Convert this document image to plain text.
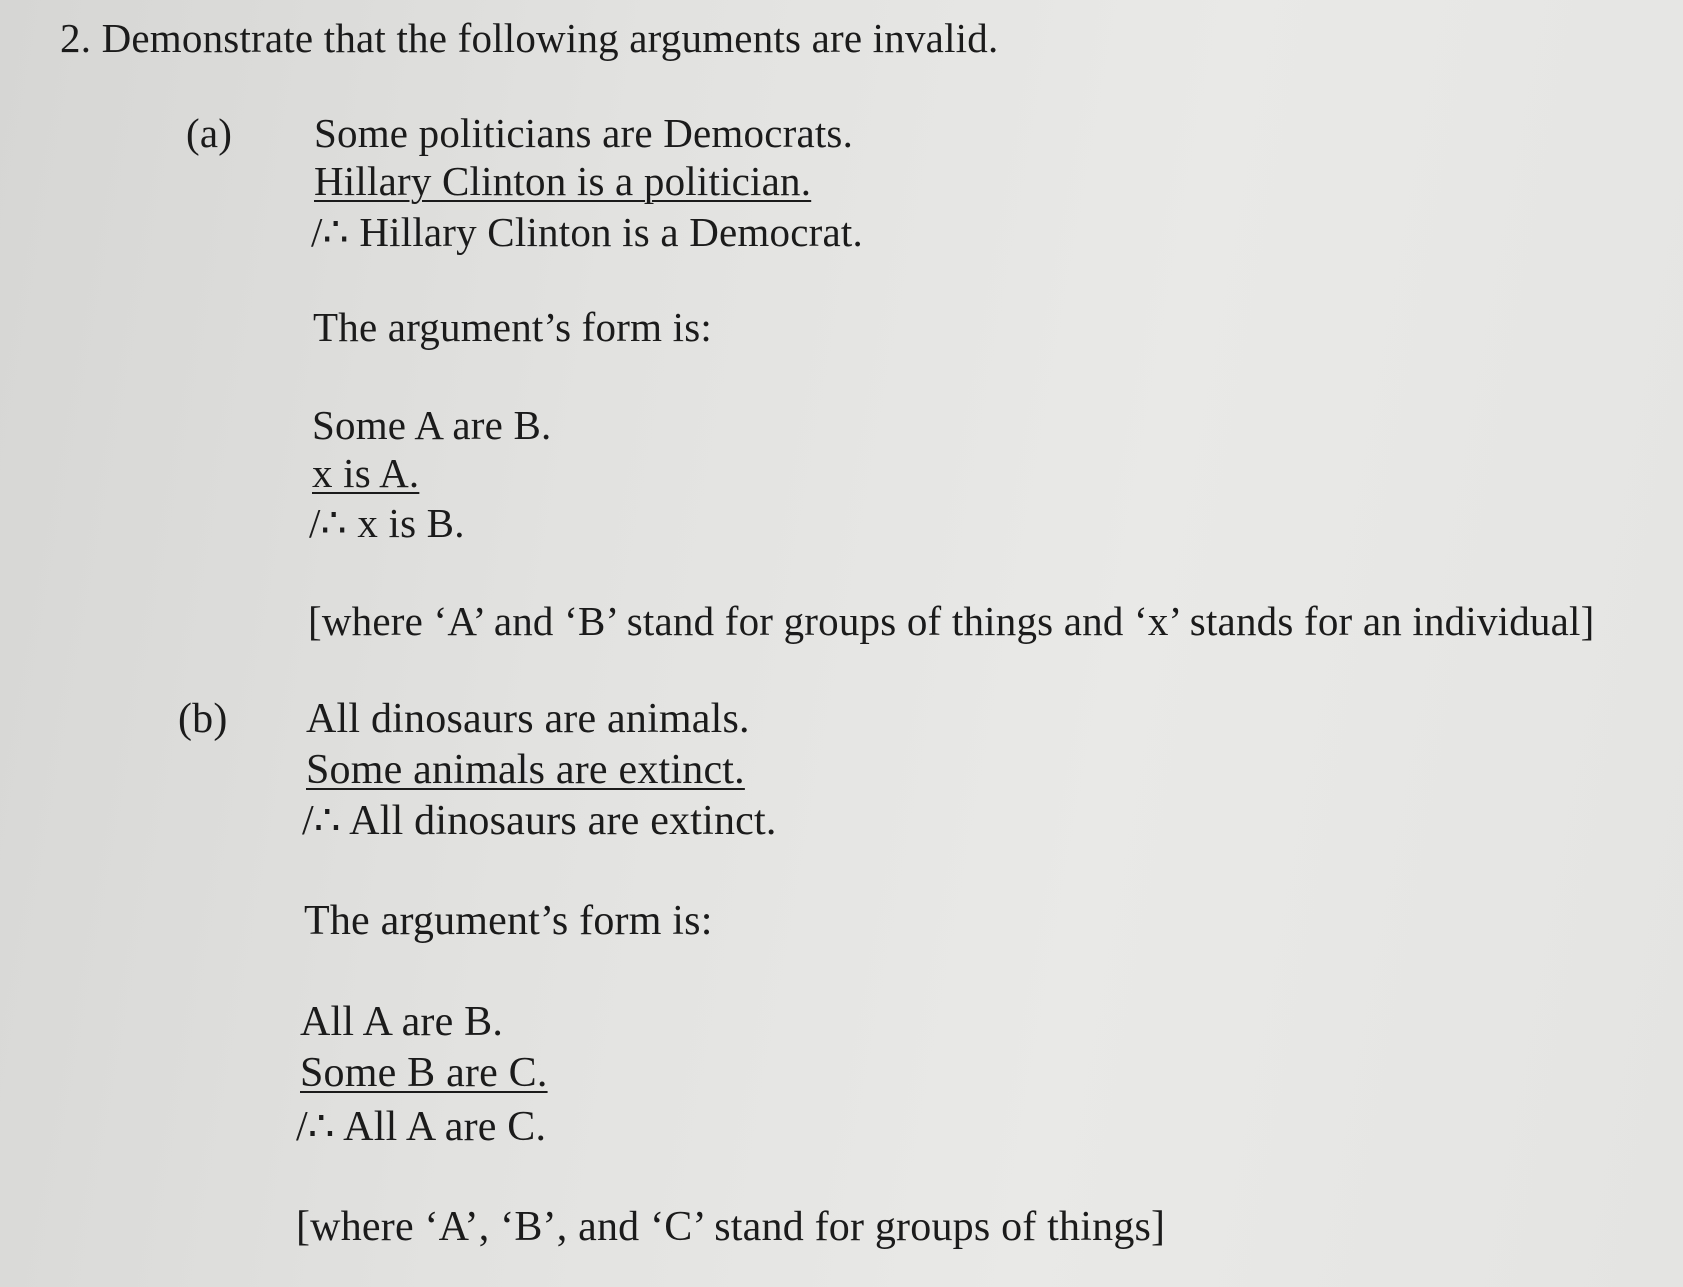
2. Demonstrate that the following arguments are invalid.
(a) Some politicians are Democrats.
Hillary Clinton is a politician.
/∴ Hillary Clinton is a Democrat.
The argument’s form is:
Some A are B.
x is A.
/∴ x is B.
[where ‘A’ and ‘B’ stand for groups of things and ‘x’ stands for an individual]
(b) All dinosaurs are animals.
Some animals are extinct.
/∴ All dinosaurs are extinct.
The argument’s form is:
All A are B.
Some B are C.
/∴ All A are C.
[where ‘A’, ‘B’, and ‘C’ stand for groups of things]
